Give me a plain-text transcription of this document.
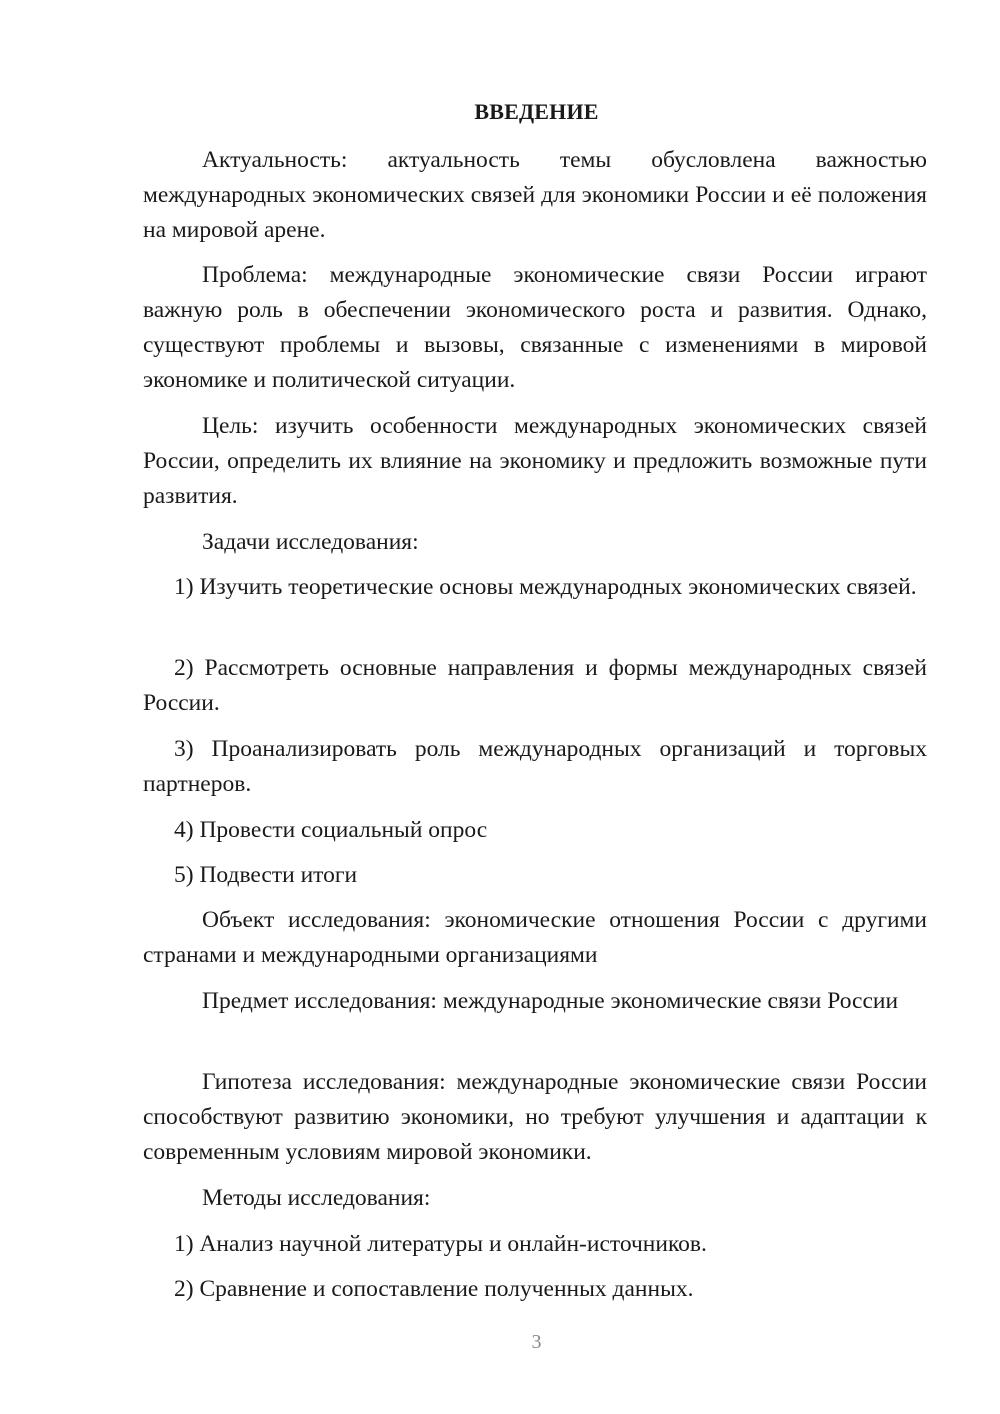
ВВЕДЕНИЕ

Актуальность: актуальность темы обусловлена важностью международных экономических связей для экономики России и её положения на мировой арене.

Проблема: международные экономические связи России играют важную роль в обеспечении экономического роста и развития. Однако, существуют проблемы и вызовы, связанные с изменениями в мировой экономике и политической ситуации.

Цель: изучить особенности международных экономических связей России, определить их влияние на экономику и предложить возможные пути развития.

Задачи исследования:

1) Изучить теоретические основы международных экономических связей.

2) Рассмотреть основные направления и формы международных связей России.

3) Проанализировать роль международных организаций и торговых партнеров.

4) Провести социальный опрос

5) Подвести итоги

Объект исследования: экономические отношения России с другими странами и международными организациями

Предмет исследования: международные экономические связи России

Гипотеза исследования: международные экономические связи России способствуют развитию экономики, но требуют улучшения и адаптации к современным условиям мировой экономики.

Методы исследования:

1) Анализ научной литературы и онлайн-источников.

2) Сравнение и сопоставление полученных данных.

3
